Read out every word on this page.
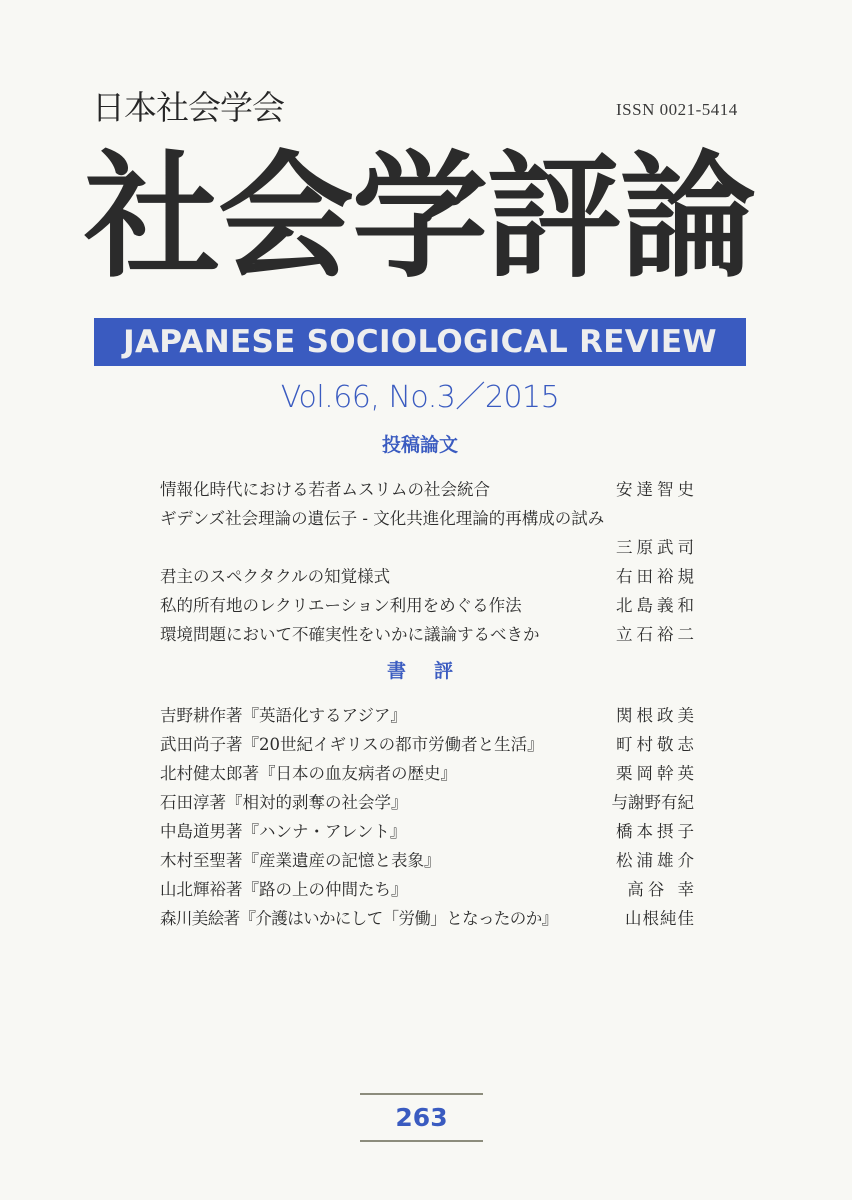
日本社会学会	ISSN 0021-5414
社会学評論
JAPANESE SOCIOLOGICAL REVIEW
Vol.66, No.3／2015
投稿論文
情報化時代における若者ムスリムの社会統合	安達智史
ギデンズ社会理論の遺伝子 - 文化共進化理論的再構成の試み
三原武司
君主のスペクタクルの知覚様式	右田裕規
私的所有地のレクリエーション利用をめぐる作法	北島義和
環境問題において不確実性をいかに議論するべきか	立石裕二
書評
吉野耕作著『英語化するアジア』	関根政美
武田尚子著『20世紀イギリスの都市労働者と生活』	町村敬志
北村健太郎著『日本の血友病者の歴史』	栗岡幹英
石田淳著『相対的剥奪の社会学』	与謝野有紀
中島道男著『ハンナ・アレント』	橋本摂子
木村至聖著『産業遺産の記憶と表象』	松浦雄介
山北輝裕著『路の上の仲間たち』	高谷 幸
森川美絵著『介護はいかにして「労働」となったのか』	山根純佳
263
